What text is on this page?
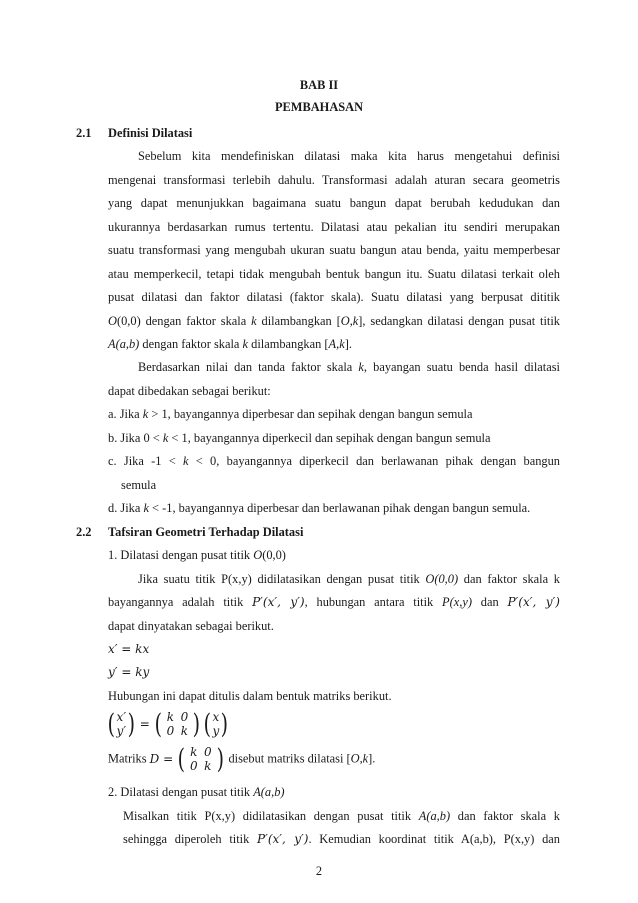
BAB II
PEMBAHASAN
2.1 Definisi Dilatasi
Sebelum kita mendefiniskan dilatasi maka kita harus mengetahui definisi
mengenai transformasi terlebih dahulu. Transformasi adalah aturan secara geometris
yang dapat menunjukkan bagaimana suatu bangun dapat berubah kedudukan dan
ukurannya berdasarkan rumus tertentu. Dilatasi atau pekalian itu sendiri merupakan
suatu transformasi yang mengubah ukuran suatu bangun atau benda, yaitu memperbesar
atau memperkecil, tetapi tidak mengubah bentuk bangun itu. Suatu dilatasi terkait oleh
pusat dilatasi dan faktor dilatasi (faktor skala). Suatu dilatasi yang berpusat dititik
O(0,0) dengan faktor skala k dilambangkan [O,k], sedangkan dilatasi dengan pusat titik
A(a,b) dengan faktor skala k dilambangkan [A,k].
Berdasarkan nilai dan tanda faktor skala k, bayangan suatu benda hasil dilatasi
dapat dibedakan sebagai berikut:
a. Jika k > 1, bayangannya diperbesar dan sepihak dengan bangun semula
b. Jika 0 < k < 1, bayangannya diperkecil dan sepihak dengan bangun semula
c. Jika -1 < k < 0, bayangannya diperkecil dan berlawanan pihak dengan bangun
semula
d. Jika k < -1, bayangannya diperbesar dan berlawanan pihak dengan bangun semula.
2.2 Tafsiran Geometri Terhadap Dilatasi
1. Dilatasi dengan pusat titik O(0,0)
Jika suatu titik P(x,y) didilatasikan dengan pusat titik O(0,0) dan faktor skala k
bayangannya adalah titik P′(x′, y′), hubungan antara titik P(x,y) dan P′(x′, y′)
dapat dinyatakan sebagai berikut.
x′ = kx
y′ = ky
Hubungan ini dapat ditulis dalam bentuk matriks berikut.
( x′
y′) = ( k
00
k ) ( x
y)
Matriks D = ( k
00
k ) disebut matriks dilatasi [O,k].
2. Dilatasi dengan pusat titik A(a,b)
Misalkan titik P(x,y) didilatasikan dengan pusat titik A(a,b) dan faktor skala k
sehingga diperoleh titik P′(x′, y′). Kemudian koordinat titik A(a,b), P(x,y) dan
2
